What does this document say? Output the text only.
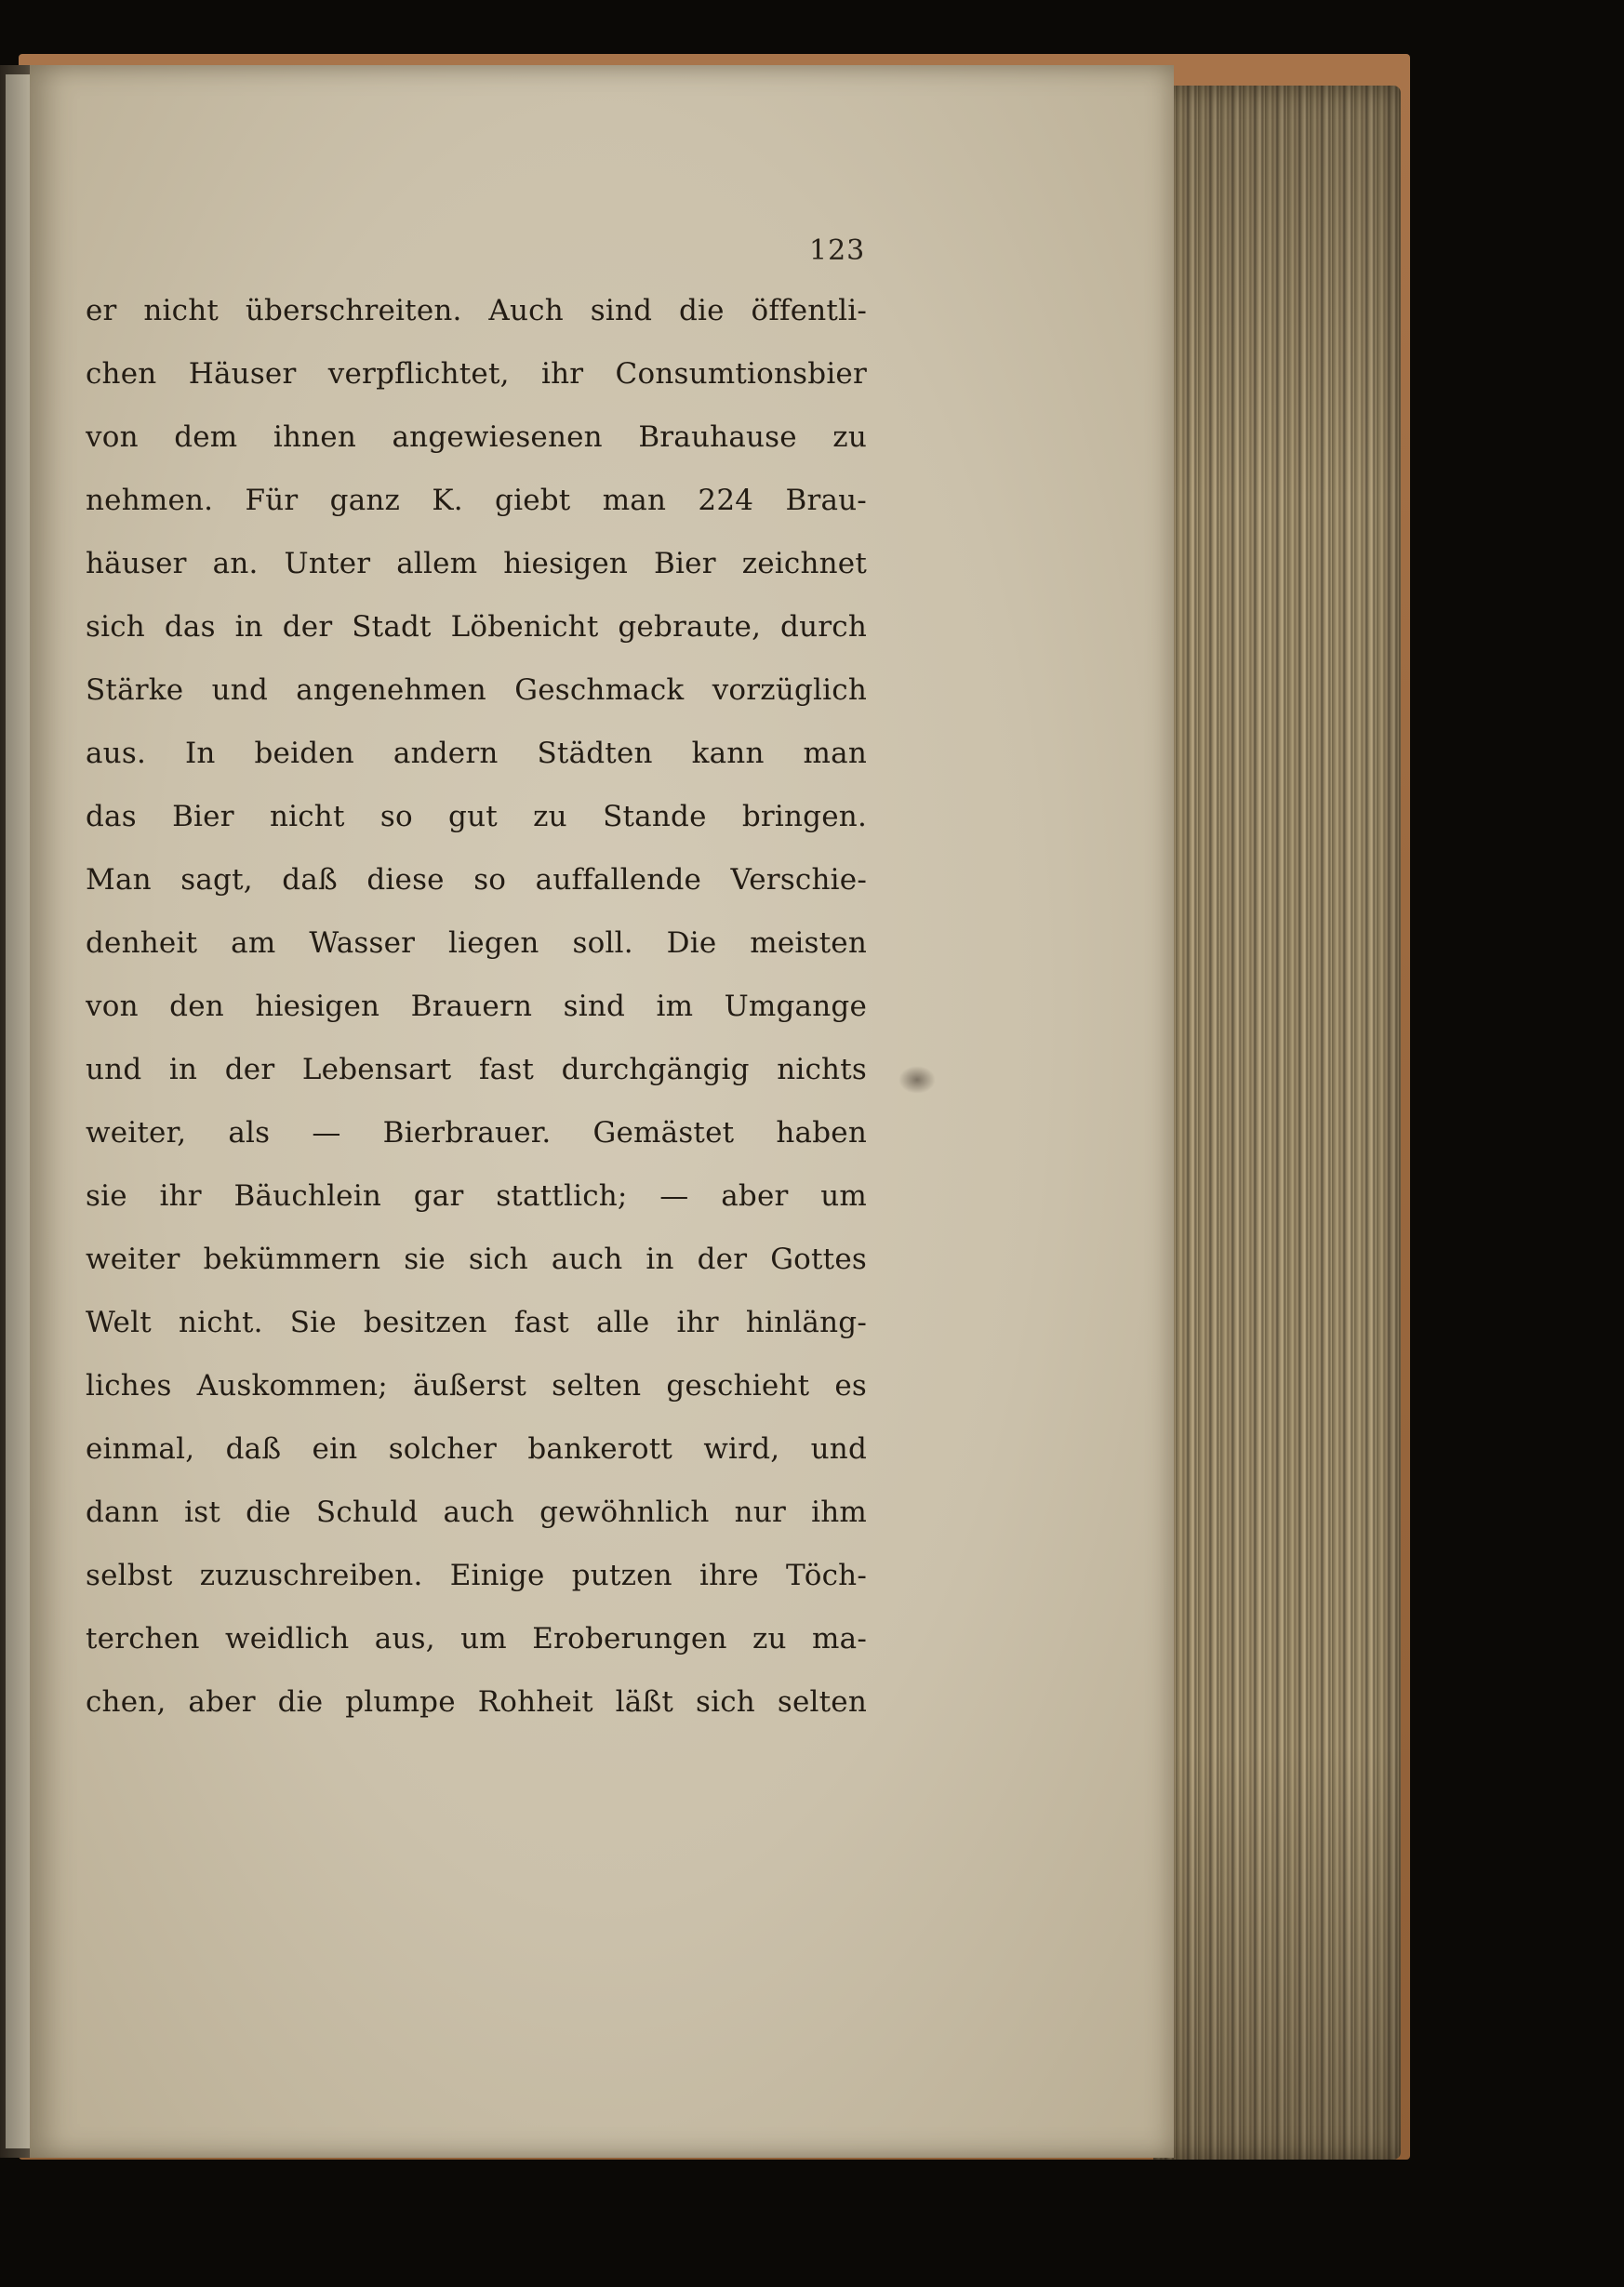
123
er nicht überschreiten. Auch sind die öffentli-
chen Häuser verpflichtet, ihr Consumtionsbier
von dem ihnen angewiesenen Brauhause zu
nehmen. Für ganz K. giebt man 224 Brau-
häuser an. Unter allem hiesigen Bier zeichnet
sich das in der Stadt Löbenicht gebraute, durch
Stärke und angenehmen Geschmack vorzüglich
aus. In beiden andern Städten kann man
das Bier nicht so gut zu Stande bringen.
Man sagt, daß diese so auffallende Verschie-
denheit am Wasser liegen soll. Die meisten
von den hiesigen Brauern sind im Umgange
und in der Lebensart fast durchgängig nichts
weiter, als — Bierbrauer. Gemästet haben
sie ihr Bäuchlein gar stattlich; — aber um
weiter bekümmern sie sich auch in der Gottes
Welt nicht. Sie besitzen fast alle ihr hinläng-
liches Auskommen; äußerst selten geschieht es
einmal, daß ein solcher bankerott wird, und
dann ist die Schuld auch gewöhnlich nur ihm
selbst zuzuschreiben. Einige putzen ihre Töch-
terchen weidlich aus, um Eroberungen zu ma-
chen, aber die plumpe Rohheit läßt sich selten
